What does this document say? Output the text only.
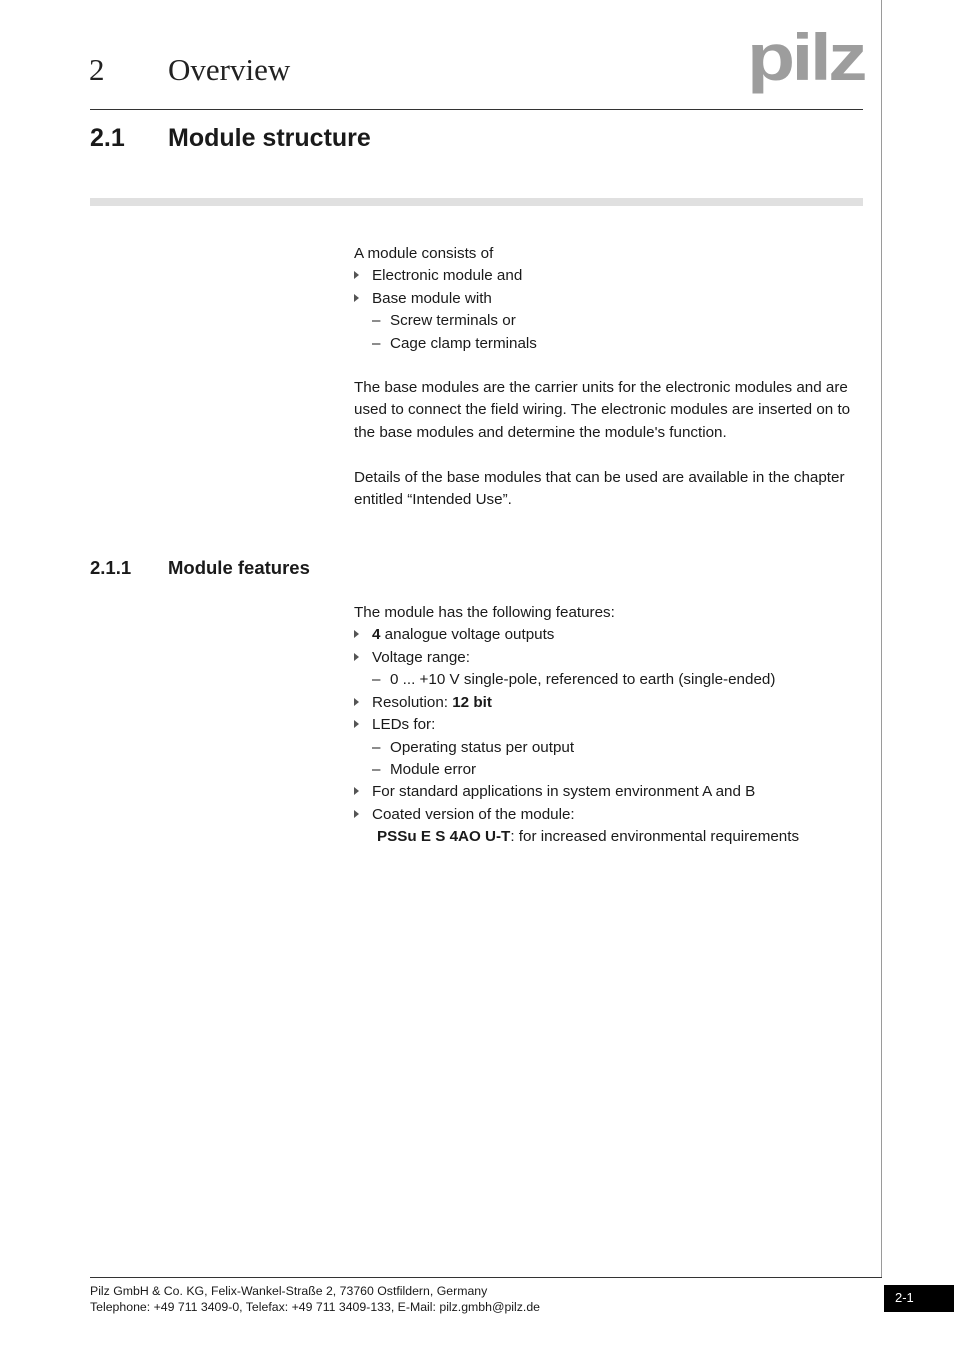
2 Overview	pilz
2.1 Module structure
A module consists of
Electronic module and
Base module with
– Screw terminals or
– Cage clamp terminals
The base modules are the carrier units for the electronic modules and are used to connect the field wiring. The electronic modules are inserted on to the base modules and determine the module's function.
Details of the base modules that can be used are available in the chapter entitled “Intended Use”.
2.1.1 Module features
The module has the following features:
4 analogue voltage outputs
Voltage range:
– 0 ... +10 V single-pole, referenced to earth (single-ended)
Resolution: 12 bit
LEDs for:
– Operating status per output
– Module error
For standard applications in system environment A and B
Coated version of the module:
PSSu E S 4AO U-T: for increased environmental requirements
Pilz GmbH & Co. KG, Felix-Wankel-Straße 2, 73760 Ostfildern, Germany
Telephone: +49 711 3409-0, Telefax: +49 711 3409-133, E-Mail: pilz.gmbh@pilz.de
2-1
